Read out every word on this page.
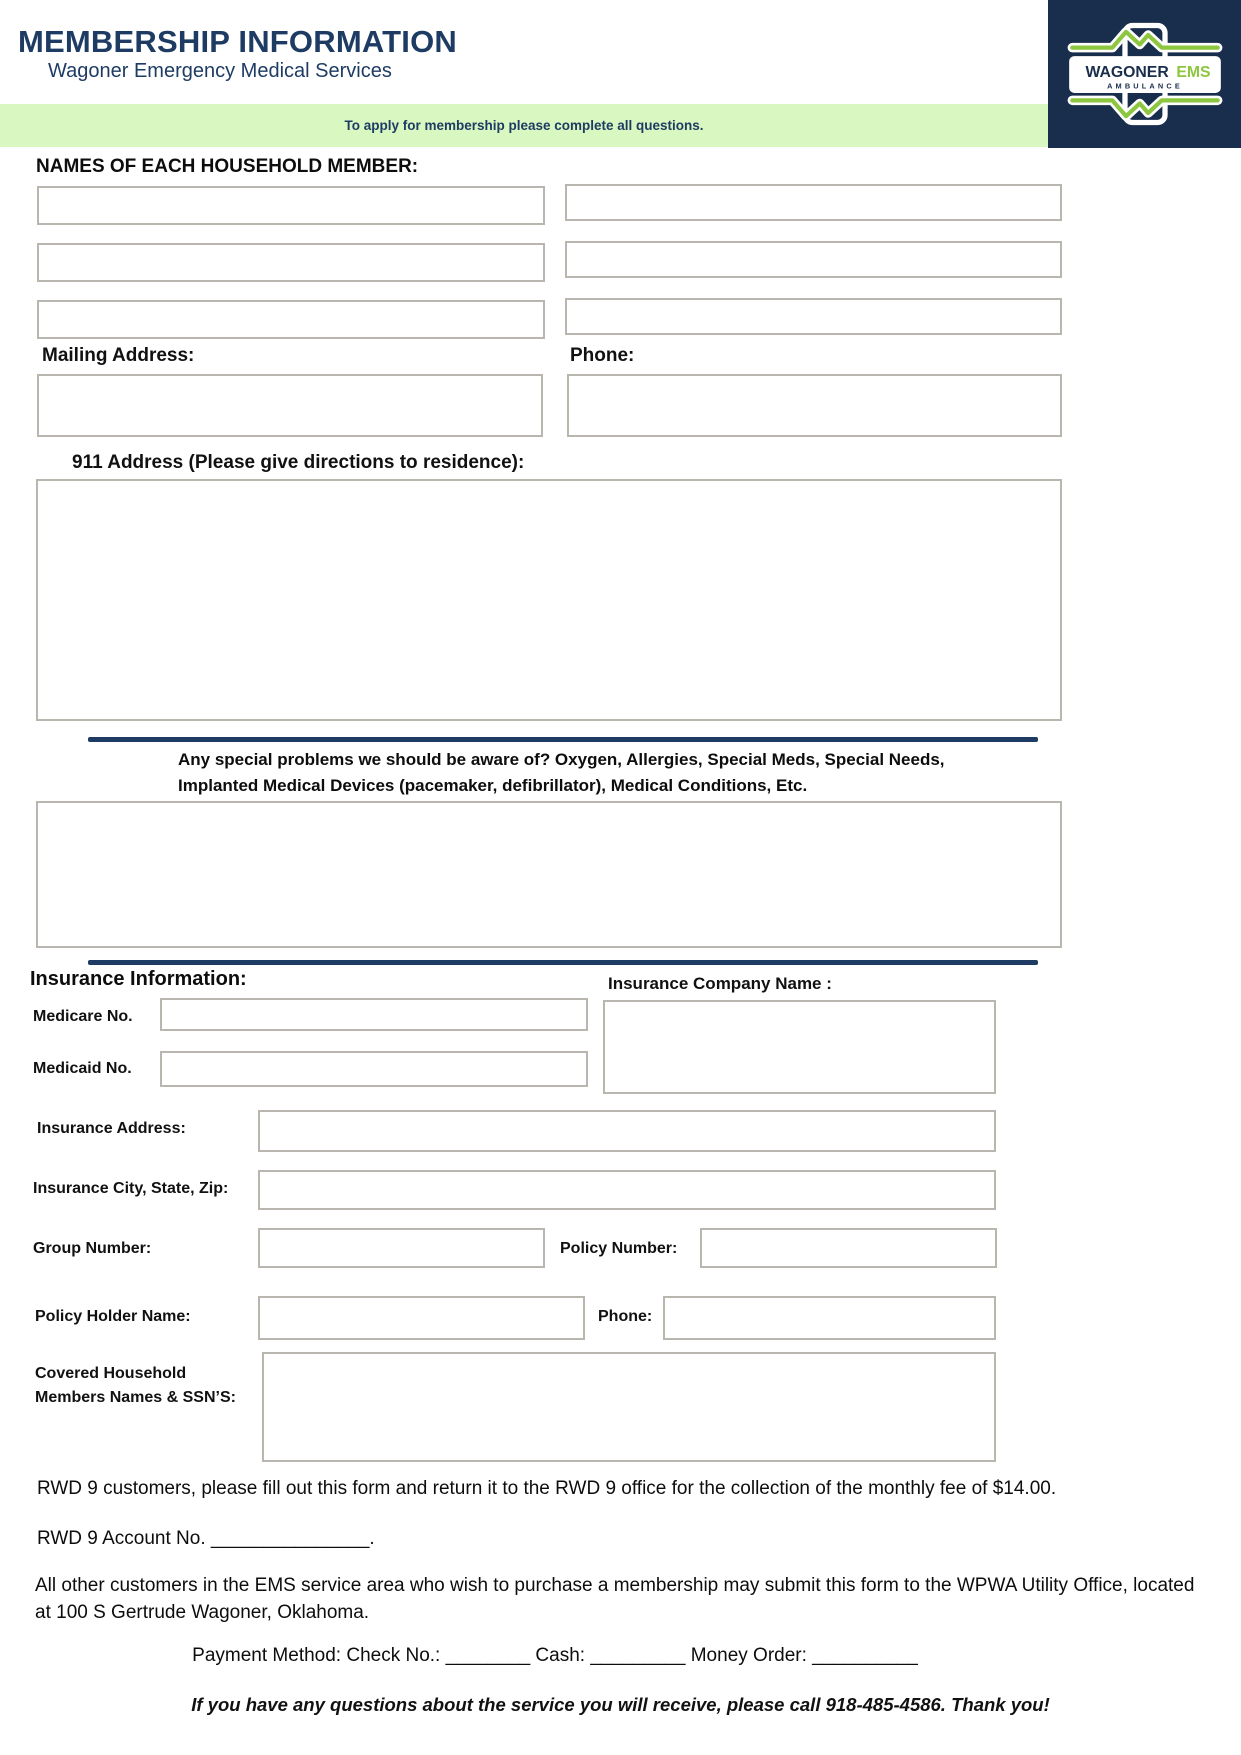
MEMBERSHIP INFORMATION
Wagoner Emergency Medical Services
To apply for membership please complete all questions.
WAGONER EMS
AMBULANCE
NAMES OF EACH HOUSEHOLD MEMBER:
Mailing Address:	Phone:
911 Address (Please give directions to residence):
Any special problems we should be aware of? Oxygen, Allergies, Special Meds, Special Needs, Implanted Medical Devices (pacemaker, defibrillator), Medical Conditions, Etc.
Insurance Information:	Insurance Company Name :
Medicare No.
Medicaid No.
Insurance Address:
Insurance City, State, Zip:
Group Number:	Policy Number:
Policy Holder Name:	Phone:
Covered Household Members Names & SSN’S:
RWD 9 customers, please fill out this form and return it to the RWD 9 office for the collection of the monthly fee of $14.00.
RWD 9 Account No. _______________.
All other customers in the EMS service area who wish to purchase a membership may submit this form to the WPWA Utility Office, located at 100 S Gertrude Wagoner, Oklahoma.
Payment Method: Check No.: ________ Cash: _________ Money Order: __________
If you have any questions about the service you will receive, please call 918-485-4586. Thank you!
